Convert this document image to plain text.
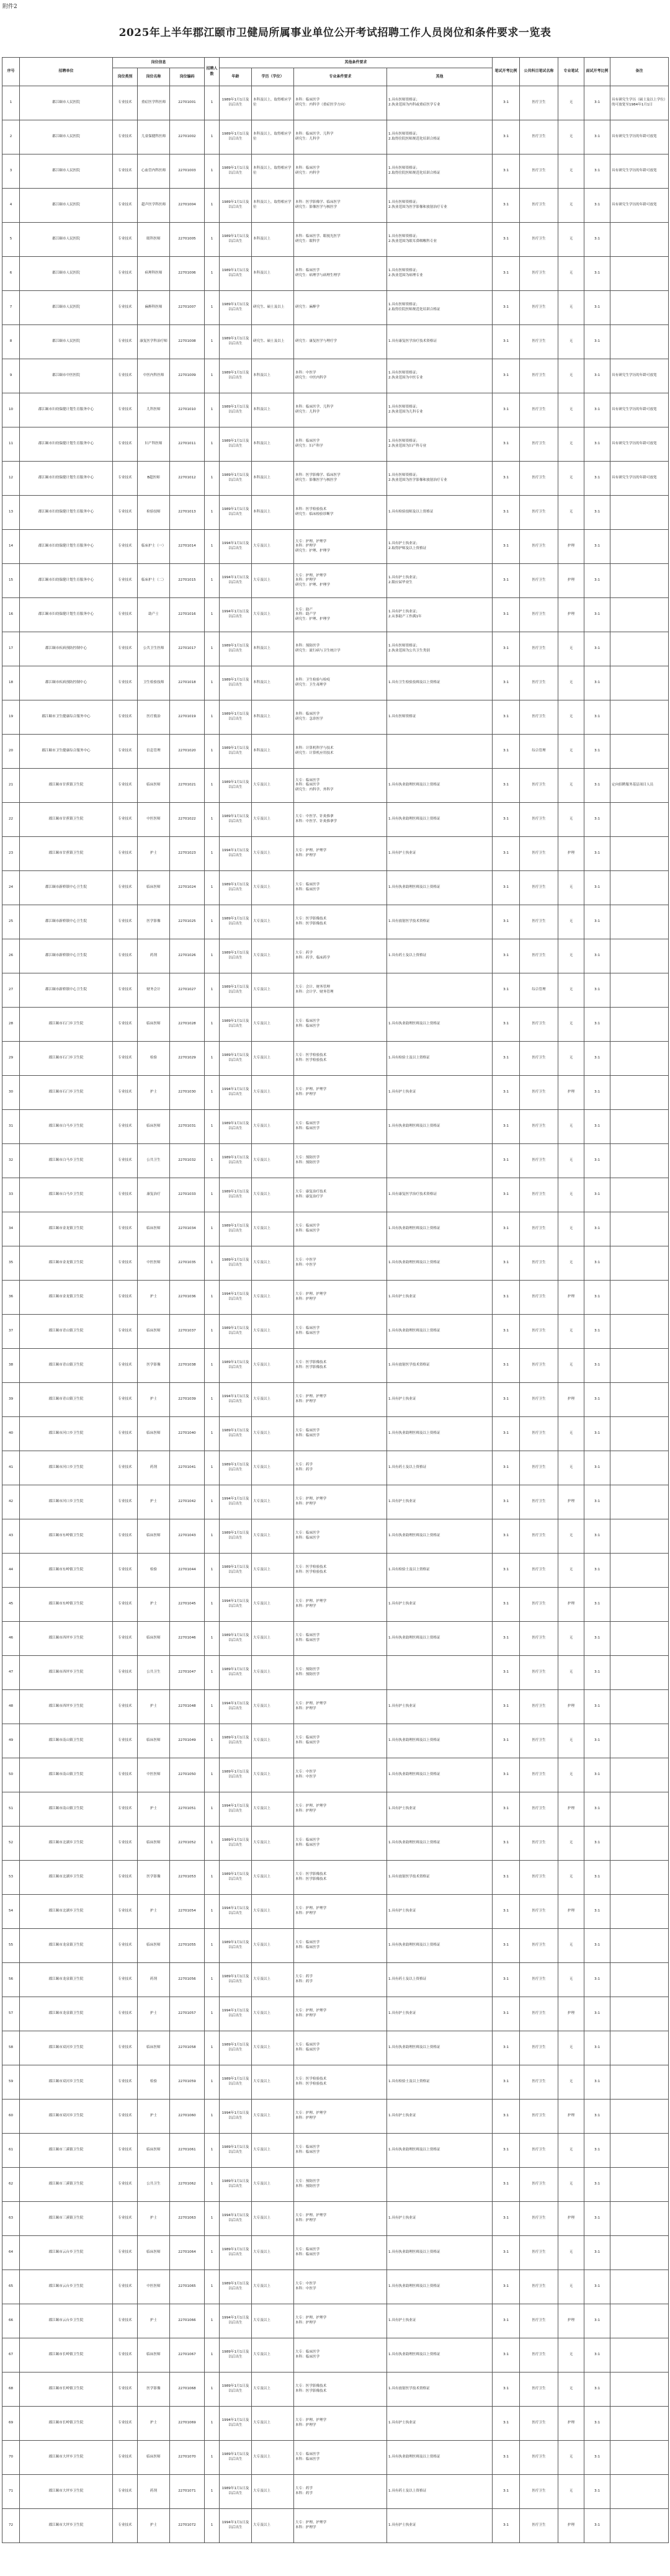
附件2
2025年上半年郡江颐市卫健局所属事业单位公开考试招聘工作人员岗位和条件要求一览表
序号	招聘单位	岗位信息			招聘人数	其他条件要求				笔试开考比例	公共科目笔试名称	专业笔试	面试开考比例	备注
		岗位类别	岗位名称	岗位编码		年龄	学历（学位）	专业条件要求	其他					
1	郡江颐市人民医院	专业技术	重症医学科医师	22701001	1	1989年1月1日及以后出生	本科及以上，取得相应学位	本科：临床医学
研究生：内科学（重症医学方向）	1.具有医师资格证；
2.执业范围为内科或重症医学专业	3:1	医疗卫生	无	3:1	具有研究生学历（硕士及以上学位）的可放宽至1984年1月1日
2	郡江颐市人民医院	专业技术	儿童保健科医师	22701002	1	1989年1月1日及以后出生	本科及以上，取得相应学位	本科：临床医学、儿科学
研究生：儿科学	1.具有医师资格证；
2.取得住院医师规范化培训合格证	3:1	医疗卫生	无	3:1	具有研究生学历的年龄可放宽
3	郡江颐市人民医院	专业技术	心血管内科医师	22701003	1	1989年1月1日及以后出生	本科及以上，取得相应学位	本科：临床医学
研究生：内科学	1.具有医师资格证；
2.取得住院医师规范化培训合格证	3:1	医疗卫生	无	3:1	具有研究生学历的年龄可放宽
4	郡江颐市人民医院	专业技术	超声医学科医师	22701004	1	1989年1月1日及以后出生	本科及以上，取得相应学位	本科：医学影像学、临床医学
研究生：影像医学与核医学	1.具有医师资格证；
2.执业范围为医学影像和放射治疗专业	3:1	医疗卫生	无	3:1	具有研究生学历的年龄可放宽
5	郡江颐市人民医院	专业技术	眼科医师	22701005	1	1989年1月1日及以后出生	本科及以上	本科：临床医学、眼视光医学
研究生：眼科学	1.具有医师资格证；
2.执业范围为眼耳鼻咽喉科专业	3:1	医疗卫生	无	3:1	
6	郡江颐市人民医院	专业技术	病理科医师	22701006	1	1989年1月1日及以后出生	本科及以上	本科：临床医学
研究生：病理学与病理生理学	1.具有医师资格证；
2.执业范围为病理专业	3:1	医疗卫生	无	3:1	
7	郡江颐市人民医院	专业技术	麻醉科医师	22701007	1	1989年1月1日及以后出生	研究生、硕士及以上	研究生：麻醉学	1.具有医师资格证；
2.取得住院医师规范化培训合格证	3:1	医疗卫生	无	3:1	
8	郡江颐市人民医院	专业技术	康复医学科治疗师	22701008	1	1989年1月1日及以后出生	研究生、硕士及以上	研究生：康复医学与理疗学	1.具有康复医学治疗技术资格证	3:1	医疗卫生	无	3:1	
9	郡江颐市中医医院	专业技术	中医内科医师	22701009	1	1989年1月1日及以后出生	本科及以上	本科：中医学
研究生：中医内科学	1.具有医师资格证；
2.执业范围为中医专业	3:1	医疗卫生	无	3:1	具有研究生学历的年龄可放宽
10	郡江颐市妇幼保健计划生育服务中心	专业技术	儿科医师	22701010	1	1989年1月1日及以后出生	本科及以上	本科：临床医学、儿科学
研究生：儿科学	1.具有医师资格证；
2.执业范围为儿科专业	3:1	医疗卫生	无	3:1	具有研究生学历的年龄可放宽
11	郡江颐市妇幼保健计划生育服务中心	专业技术	妇产科医师	22701011	1	1989年1月1日及以后出生	本科及以上	本科：临床医学
研究生：妇产科学	1.具有医师资格证；
2.执业范围为妇产科专业	3:1	医疗卫生	无	3:1	具有研究生学历的年龄可放宽
12	郡江颐市妇幼保健计划生育服务中心	专业技术	B超医师	22701012	1	1989年1月1日及以后出生	本科及以上	本科：医学影像学、临床医学
研究生：影像医学与核医学	1.具有医师资格证；
2.执业范围为医学影像和放射治疗专业	3:1	医疗卫生	无	3:1	具有研究生学历的年龄可放宽
13	郡江颐市妇幼保健计划生育服务中心	专业技术	检验技师	22701013	1	1989年1月1日及以后出生	本科及以上	本科：医学检验技术
研究生：临床检验诊断学	1.具有检验技师及以上资格证	3:1	医疗卫生	无	3:1	
14	郡江颐市妇幼保健计划生育服务中心	专业技术	临床护士（一）	22701014	1	1994年1月1日及以后出生	大专及以上	大专：护理、护理学
本科：护理学
研究生：护理、护理学	1.具有护士执业证；
2.取得护师及以上资格证	3:1	医疗卫生	护理	3:1	
15	郡江颐市妇幼保健计划生育服务中心	专业技术	临床护士（二）	22701015	1	1994年1月1日及以后出生	大专及以上	大专：护理、护理学
本科：护理学
研究生：护理、护理学	1.具有护士执业证；
2.限应届毕业生	3:1	医疗卫生	护理	3:1	
16	郡江颐市妇幼保健计划生育服务中心	专业技术	助产士	22701016	1	1994年1月1日及以后出生	大专及以上	大专：助产
本科：助产学
研究生：护理、护理学	1.具有护士执业证；
2.从事助产工作满1年	3:1	医疗卫生	护理	3:1	
17	郡江颐市疾病预防控制中心	专业技术	公共卫生医师	22701017	1	1989年1月1日及以后出生	本科及以上	本科：预防医学
研究生：流行病与卫生统计学	1.具有医师资格证；
2.执业范围为公共卫生类别	3:1	医疗卫生	无	3:1	
18	郡江颐市疾病预防控制中心	专业技术	卫生检验技师	22701018	1	1989年1月1日及以后出生	本科及以上	本科：卫生检验与检疫
研究生：卫生毒理学	1.具有卫生检验技师及以上资格证	3:1	医疗卫生	无	3:1	
19	郡江颐市卫生健康综合服务中心	专业技术	医疗救治	22701019	1	1989年1月1日及以后出生	本科及以上	本科：临床医学
研究生：急诊医学	1.具有医师资格证	3:1	医疗卫生	无	3:1	
20	郡江颐市卫生健康综合服务中心	专业技术	信息管理	22701020	1	1989年1月1日及以后出生	本科及以上	本科：计算机科学与技术
研究生：计算机应用技术		3:1	综合管理	无	3:1	
21	郡江颐市甘蕉镇卫生院	专业技术	临床医师	22701021	1	1989年1月1日及以后出生	大专及以上	大专：临床医学
本科：临床医学
研究生：内科学、外科学	1.具有执业助理医师及以上资格证	3:1	医疗卫生	无	3:1	定向招聘服务基层项目人员
22	郡江颐市甘蕉镇卫生院	专业技术	中医医师	22701022	1	1989年1月1日及以后出生	大专及以上	大专：中医学、针灸推拿
本科：中医学、针灸推拿学	1.具有执业助理医师及以上资格证	3:1	医疗卫生	无	3:1	
23	郡江颐市甘蕉镇卫生院	专业技术	护士	22701023	1	1994年1月1日及以后出生	大专及以上	大专：护理、护理学
本科：护理学	1.具有护士执业证	3:1	医疗卫生	护理	3:1	
24	郡江颐市新桥镇中心卫生院	专业技术	临床医师	22701024	1	1989年1月1日及以后出生	大专及以上	大专：临床医学
本科：临床医学	1.具有执业助理医师及以上资格证	3:1	医疗卫生	无	3:1	
25	郡江颐市新桥镇中心卫生院	专业技术	医学影像	22701025	1	1989年1月1日及以后出生	大专及以上	大专：医学影像技术
本科：医学影像技术	1.具有放射医学技术资格证	3:1	医疗卫生	无	3:1	
26	郡江颐市新桥镇中心卫生院	专业技术	药剂	22701026	1	1989年1月1日及以后出生	大专及以上	大专：药学
本科：药学、临床药学	1.具有药士及以上资格证	3:1	医疗卫生	无	3:1	
27	郡江颐市新桥镇中心卫生院	专业技术	财务会计	22701027	1	1989年1月1日及以后出生	大专及以上	大专：会计、财务管理
本科：会计学、财务管理		3:1	综合管理	无	3:1	
28	郡江颐市石门乡卫生院	专业技术	临床医师	22701028	1	1989年1月1日及以后出生	大专及以上	大专：临床医学
本科：临床医学	1.具有执业助理医师及以上资格证	3:1	医疗卫生	无	3:1	
29	郡江颐市石门乡卫生院	专业技术	检验	22701029	1	1989年1月1日及以后出生	大专及以上	大专：医学检验技术
本科：医学检验技术	1.具有检验士及以上资格证	3:1	医疗卫生	无	3:1	
30	郡江颐市石门乡卫生院	专业技术	护士	22701030	1	1994年1月1日及以后出生	大专及以上	大专：护理、护理学
本科：护理学	1.具有护士执业证	3:1	医疗卫生	护理	3:1	
31	郡江颐市白马乡卫生院	专业技术	临床医师	22701031	1	1989年1月1日及以后出生	大专及以上	大专：临床医学
本科：临床医学	1.具有执业助理医师及以上资格证	3:1	医疗卫生	无	3:1	
32	郡江颐市白马乡卫生院	专业技术	公共卫生	22701032	1	1989年1月1日及以后出生	大专及以上	大专：预防医学
本科：预防医学		3:1	医疗卫生	无	3:1	
33	郡江颐市白马乡卫生院	专业技术	康复治疗	22701033	1	1989年1月1日及以后出生	大专及以上	大专：康复治疗技术
本科：康复治疗学	1.具有康复医学治疗技术资格证	3:1	医疗卫生	无	3:1	
34	郡江颐市金龙镇卫生院	专业技术	临床医师	22701034	1	1989年1月1日及以后出生	大专及以上	大专：临床医学
本科：临床医学	1.具有执业助理医师及以上资格证	3:1	医疗卫生	无	3:1	
35	郡江颐市金龙镇卫生院	专业技术	中医医师	22701035	1	1989年1月1日及以后出生	大专及以上	大专：中医学
本科：中医学	1.具有执业助理医师及以上资格证	3:1	医疗卫生	无	3:1	
36	郡江颐市金龙镇卫生院	专业技术	护士	22701036	1	1994年1月1日及以后出生	大专及以上	大专：护理、护理学
本科：护理学	1.具有护士执业证	3:1	医疗卫生	护理	3:1	
37	郡江颐市青山镇卫生院	专业技术	临床医师	22701037	1	1989年1月1日及以后出生	大专及以上	大专：临床医学
本科：临床医学	1.具有执业助理医师及以上资格证	3:1	医疗卫生	无	3:1	
38	郡江颐市青山镇卫生院	专业技术	医学影像	22701038	1	1989年1月1日及以后出生	大专及以上	大专：医学影像技术
本科：医学影像技术	1.具有放射医学技术资格证	3:1	医疗卫生	无	3:1	
39	郡江颐市青山镇卫生院	专业技术	护士	22701039	1	1994年1月1日及以后出生	大专及以上	大专：护理、护理学
本科：护理学	1.具有护士执业证	3:1	医疗卫生	护理	3:1	
40	郡江颐市河口乡卫生院	专业技术	临床医师	22701040	1	1989年1月1日及以后出生	大专及以上	大专：临床医学
本科：临床医学	1.具有执业助理医师及以上资格证	3:1	医疗卫生	无	3:1	
41	郡江颐市河口乡卫生院	专业技术	药剂	22701041	1	1989年1月1日及以后出生	大专及以上	大专：药学
本科：药学	1.具有药士及以上资格证	3:1	医疗卫生	无	3:1	
42	郡江颐市河口乡卫生院	专业技术	护士	22701042	1	1994年1月1日及以后出生	大专及以上	大专：护理、护理学
本科：护理学	1.具有护士执业证	3:1	医疗卫生	护理	3:1	
43	郡江颐市东岭镇卫生院	专业技术	临床医师	22701043	1	1989年1月1日及以后出生	大专及以上	大专：临床医学
本科：临床医学	1.具有执业助理医师及以上资格证	3:1	医疗卫生	无	3:1	
44	郡江颐市东岭镇卫生院	专业技术	检验	22701044	1	1989年1月1日及以后出生	大专及以上	大专：医学检验技术
本科：医学检验技术	1.具有检验士及以上资格证	3:1	医疗卫生	无	3:1	
45	郡江颐市东岭镇卫生院	专业技术	护士	22701045	1	1994年1月1日及以后出生	大专及以上	大专：护理、护理学
本科：护理学	1.具有护士执业证	3:1	医疗卫生	护理	3:1	
46	郡江颐市西坪乡卫生院	专业技术	临床医师	22701046	1	1989年1月1日及以后出生	大专及以上	大专：临床医学
本科：临床医学	1.具有执业助理医师及以上资格证	3:1	医疗卫生	无	3:1	
47	郡江颐市西坪乡卫生院	专业技术	公共卫生	22701047	1	1989年1月1日及以后出生	大专及以上	大专：预防医学
本科：预防医学		3:1	医疗卫生	无	3:1	
48	郡江颐市西坪乡卫生院	专业技术	护士	22701048	1	1994年1月1日及以后出生	大专及以上	大专：护理、护理学
本科：护理学	1.具有护士执业证	3:1	医疗卫生	护理	3:1	
49	郡江颐市南山镇卫生院	专业技术	临床医师	22701049	1	1989年1月1日及以后出生	大专及以上	大专：临床医学
本科：临床医学	1.具有执业助理医师及以上资格证	3:1	医疗卫生	无	3:1	
50	郡江颐市南山镇卫生院	专业技术	中医医师	22701050	1	1989年1月1日及以后出生	大专及以上	大专：中医学
本科：中医学	1.具有执业助理医师及以上资格证	3:1	医疗卫生	无	3:1	
51	郡江颐市南山镇卫生院	专业技术	护士	22701051	1	1994年1月1日及以后出生	大专及以上	大专：护理、护理学
本科：护理学	1.具有护士执业证	3:1	医疗卫生	护理	3:1	
52	郡江颐市北湖乡卫生院	专业技术	临床医师	22701052	1	1989年1月1日及以后出生	大专及以上	大专：临床医学
本科：临床医学	1.具有执业助理医师及以上资格证	3:1	医疗卫生	无	3:1	
53	郡江颐市北湖乡卫生院	专业技术	医学影像	22701053	1	1989年1月1日及以后出生	大专及以上	大专：医学影像技术
本科：医学影像技术	1.具有放射医学技术资格证	3:1	医疗卫生	无	3:1	
54	郡江颐市北湖乡卫生院	专业技术	护士	22701054	1	1994年1月1日及以后出生	大专及以上	大专：护理、护理学
本科：护理学	1.具有护士执业证	3:1	医疗卫生	护理	3:1	
55	郡江颐市龙泉镇卫生院	专业技术	临床医师	22701055	1	1989年1月1日及以后出生	大专及以上	大专：临床医学
本科：临床医学	1.具有执业助理医师及以上资格证	3:1	医疗卫生	无	3:1	
56	郡江颐市龙泉镇卫生院	专业技术	药剂	22701056	1	1989年1月1日及以后出生	大专及以上	大专：药学
本科：药学	1.具有药士及以上资格证	3:1	医疗卫生	无	3:1	
57	郡江颐市龙泉镇卫生院	专业技术	护士	22701057	1	1994年1月1日及以后出生	大专及以上	大专：护理、护理学
本科：护理学	1.具有护士执业证	3:1	医疗卫生	护理	3:1	
58	郡江颐市双河乡卫生院	专业技术	临床医师	22701058	1	1989年1月1日及以后出生	大专及以上	大专：临床医学
本科：临床医学	1.具有执业助理医师及以上资格证	3:1	医疗卫生	无	3:1	
59	郡江颐市双河乡卫生院	专业技术	检验	22701059	1	1989年1月1日及以后出生	大专及以上	大专：医学检验技术
本科：医学检验技术	1.具有检验士及以上资格证	3:1	医疗卫生	无	3:1	
60	郡江颐市双河乡卫生院	专业技术	护士	22701060	1	1994年1月1日及以后出生	大专及以上	大专：护理、护理学
本科：护理学	1.具有护士执业证	3:1	医疗卫生	护理	3:1	
61	郡江颐市三溪镇卫生院	专业技术	临床医师	22701061	1	1989年1月1日及以后出生	大专及以上	大专：临床医学
本科：临床医学	1.具有执业助理医师及以上资格证	3:1	医疗卫生	无	3:1	
62	郡江颐市三溪镇卫生院	专业技术	公共卫生	22701062	1	1989年1月1日及以后出生	大专及以上	大专：预防医学
本科：预防医学		3:1	医疗卫生	无	3:1	
63	郡江颐市三溪镇卫生院	专业技术	护士	22701063	1	1994年1月1日及以后出生	大专及以上	大专：护理、护理学
本科：护理学	1.具有护士执业证	3:1	医疗卫生	护理	3:1	
64	郡江颐市云台乡卫生院	专业技术	临床医师	22701064	1	1989年1月1日及以后出生	大专及以上	大专：临床医学
本科：临床医学	1.具有执业助理医师及以上资格证	3:1	医疗卫生	无	3:1	
65	郡江颐市云台乡卫生院	专业技术	中医医师	22701065	1	1989年1月1日及以后出生	大专及以上	大专：中医学
本科：中医学	1.具有执业助理医师及以上资格证	3:1	医疗卫生	无	3:1	
66	郡江颐市云台乡卫生院	专业技术	护士	22701066	1	1994年1月1日及以后出生	大专及以上	大专：护理、护理学
本科：护理学	1.具有护士执业证	3:1	医疗卫生	护理	3:1	
67	郡江颐市长岭镇卫生院	专业技术	临床医师	22701067	1	1989年1月1日及以后出生	大专及以上	大专：临床医学
本科：临床医学	1.具有执业助理医师及以上资格证	3:1	医疗卫生	无	3:1	
68	郡江颐市长岭镇卫生院	专业技术	医学影像	22701068	1	1989年1月1日及以后出生	大专及以上	大专：医学影像技术
本科：医学影像技术	1.具有放射医学技术资格证	3:1	医疗卫生	无	3:1	
69	郡江颐市长岭镇卫生院	专业技术	护士	22701069	1	1994年1月1日及以后出生	大专及以上	大专：护理、护理学
本科：护理学	1.具有护士执业证	3:1	医疗卫生	护理	3:1	
70	郡江颐市大坪乡卫生院	专业技术	临床医师	22701070	1	1989年1月1日及以后出生	大专及以上	大专：临床医学
本科：临床医学	1.具有执业助理医师及以上资格证	3:1	医疗卫生	无	3:1	
71	郡江颐市大坪乡卫生院	专业技术	药剂	22701071	1	1989年1月1日及以后出生	大专及以上	大专：药学
本科：药学	1.具有药士及以上资格证	3:1	医疗卫生	无	3:1	
72	郡江颐市大坪乡卫生院	专业技术	护士	22701072	1	1994年1月1日及以后出生	大专及以上	大专：护理、护理学
本科：护理学	1.具有护士执业证	3:1	医疗卫生	护理	3:1	
